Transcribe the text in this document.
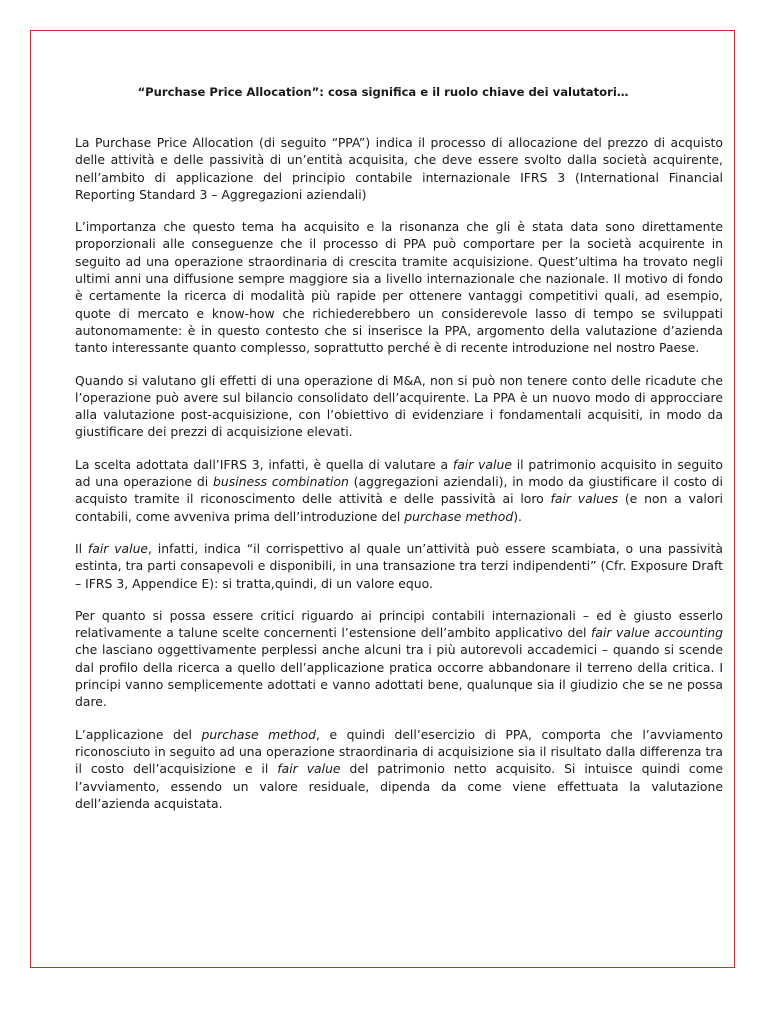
“Purchase Price Allocation”: cosa significa e il ruolo chiave dei valutatori…

La Purchase Price Allocation (di seguito “PPA”) indica il processo di allocazione del prezzo di acquisto delle attività e delle passività di un’entità acquisita, che deve essere svolto dalla società acquirente, nell’ambito di applicazione del principio contabile internazionale IFRS 3 (International Financial Reporting Standard 3 – Aggregazioni aziendali)

L’importanza che questo tema ha acquisito e la risonanza che gli è stata data sono direttamente proporzionali alle conseguenze che il processo di PPA può comportare per la società acquirente in seguito ad una operazione straordinaria di crescita tramite acquisizione. Quest’ultima ha trovato negli ultimi anni una diffusione sempre maggiore sia a livello internazionale che nazionale. Il motivo di fondo è certamente la ricerca di modalità più rapide per ottenere vantaggi competitivi quali, ad esempio, quote di mercato e know-how che richiederebbero un considerevole lasso di tempo se sviluppati autonomamente: è in questo contesto che si inserisce la PPA, argomento della valutazione d’azienda tanto interessante quanto complesso, soprattutto perché è di recente introduzione nel nostro Paese.

Quando si valutano gli effetti di una operazione di M&A, non si può non tenere conto delle ricadute che l’operazione può avere sul bilancio consolidato dell’acquirente. La PPA è un nuovo modo di approcciare alla valutazione post-acquisizione, con l’obiettivo di evidenziare i fondamentali acquisiti, in modo da giustificare dei prezzi di acquisizione elevati.

La scelta adottata dall’IFRS 3, infatti, è quella di valutare a fair value il patrimonio acquisito in seguito ad una operazione di business combination (aggregazioni aziendali), in modo da giustificare il costo di acquisto tramite il riconoscimento delle attività e delle passività ai loro fair values (e non a valori contabili, come avveniva prima dell’introduzione del purchase method).

Il fair value, infatti, indica “il corrispettivo al quale un’attività può essere scambiata, o una passività estinta, tra parti consapevoli e disponibili, in una transazione tra terzi indipendenti” (Cfr. Exposure Draft – IFRS 3, Appendice E): si tratta,quindi, di un valore equo.

Per quanto si possa essere critici riguardo ai principi contabili internazionali – ed è giusto esserlo relativamente a talune scelte concernenti l’estensione dell’ambito applicativo del fair value accounting che lasciano oggettivamente perplessi anche alcuni tra i più autorevoli accademici – quando si scende dal profilo della ricerca a quello dell’applicazione pratica occorre abbandonare il terreno della critica. I principi vanno semplicemente adottati e vanno adottati bene, qualunque sia il giudizio che se ne possa dare.

L’applicazione del purchase method, e quindi dell’esercizio di PPA, comporta che l’avviamento riconosciuto in seguito ad una operazione straordinaria di acquisizione sia il risultato dalla differenza tra il costo dell’acquisizione e il fair value del patrimonio netto acquisito. Si intuisce quindi come l’avviamento, essendo un valore residuale, dipenda da come viene effettuata la valutazione dell’azienda acquistata.
